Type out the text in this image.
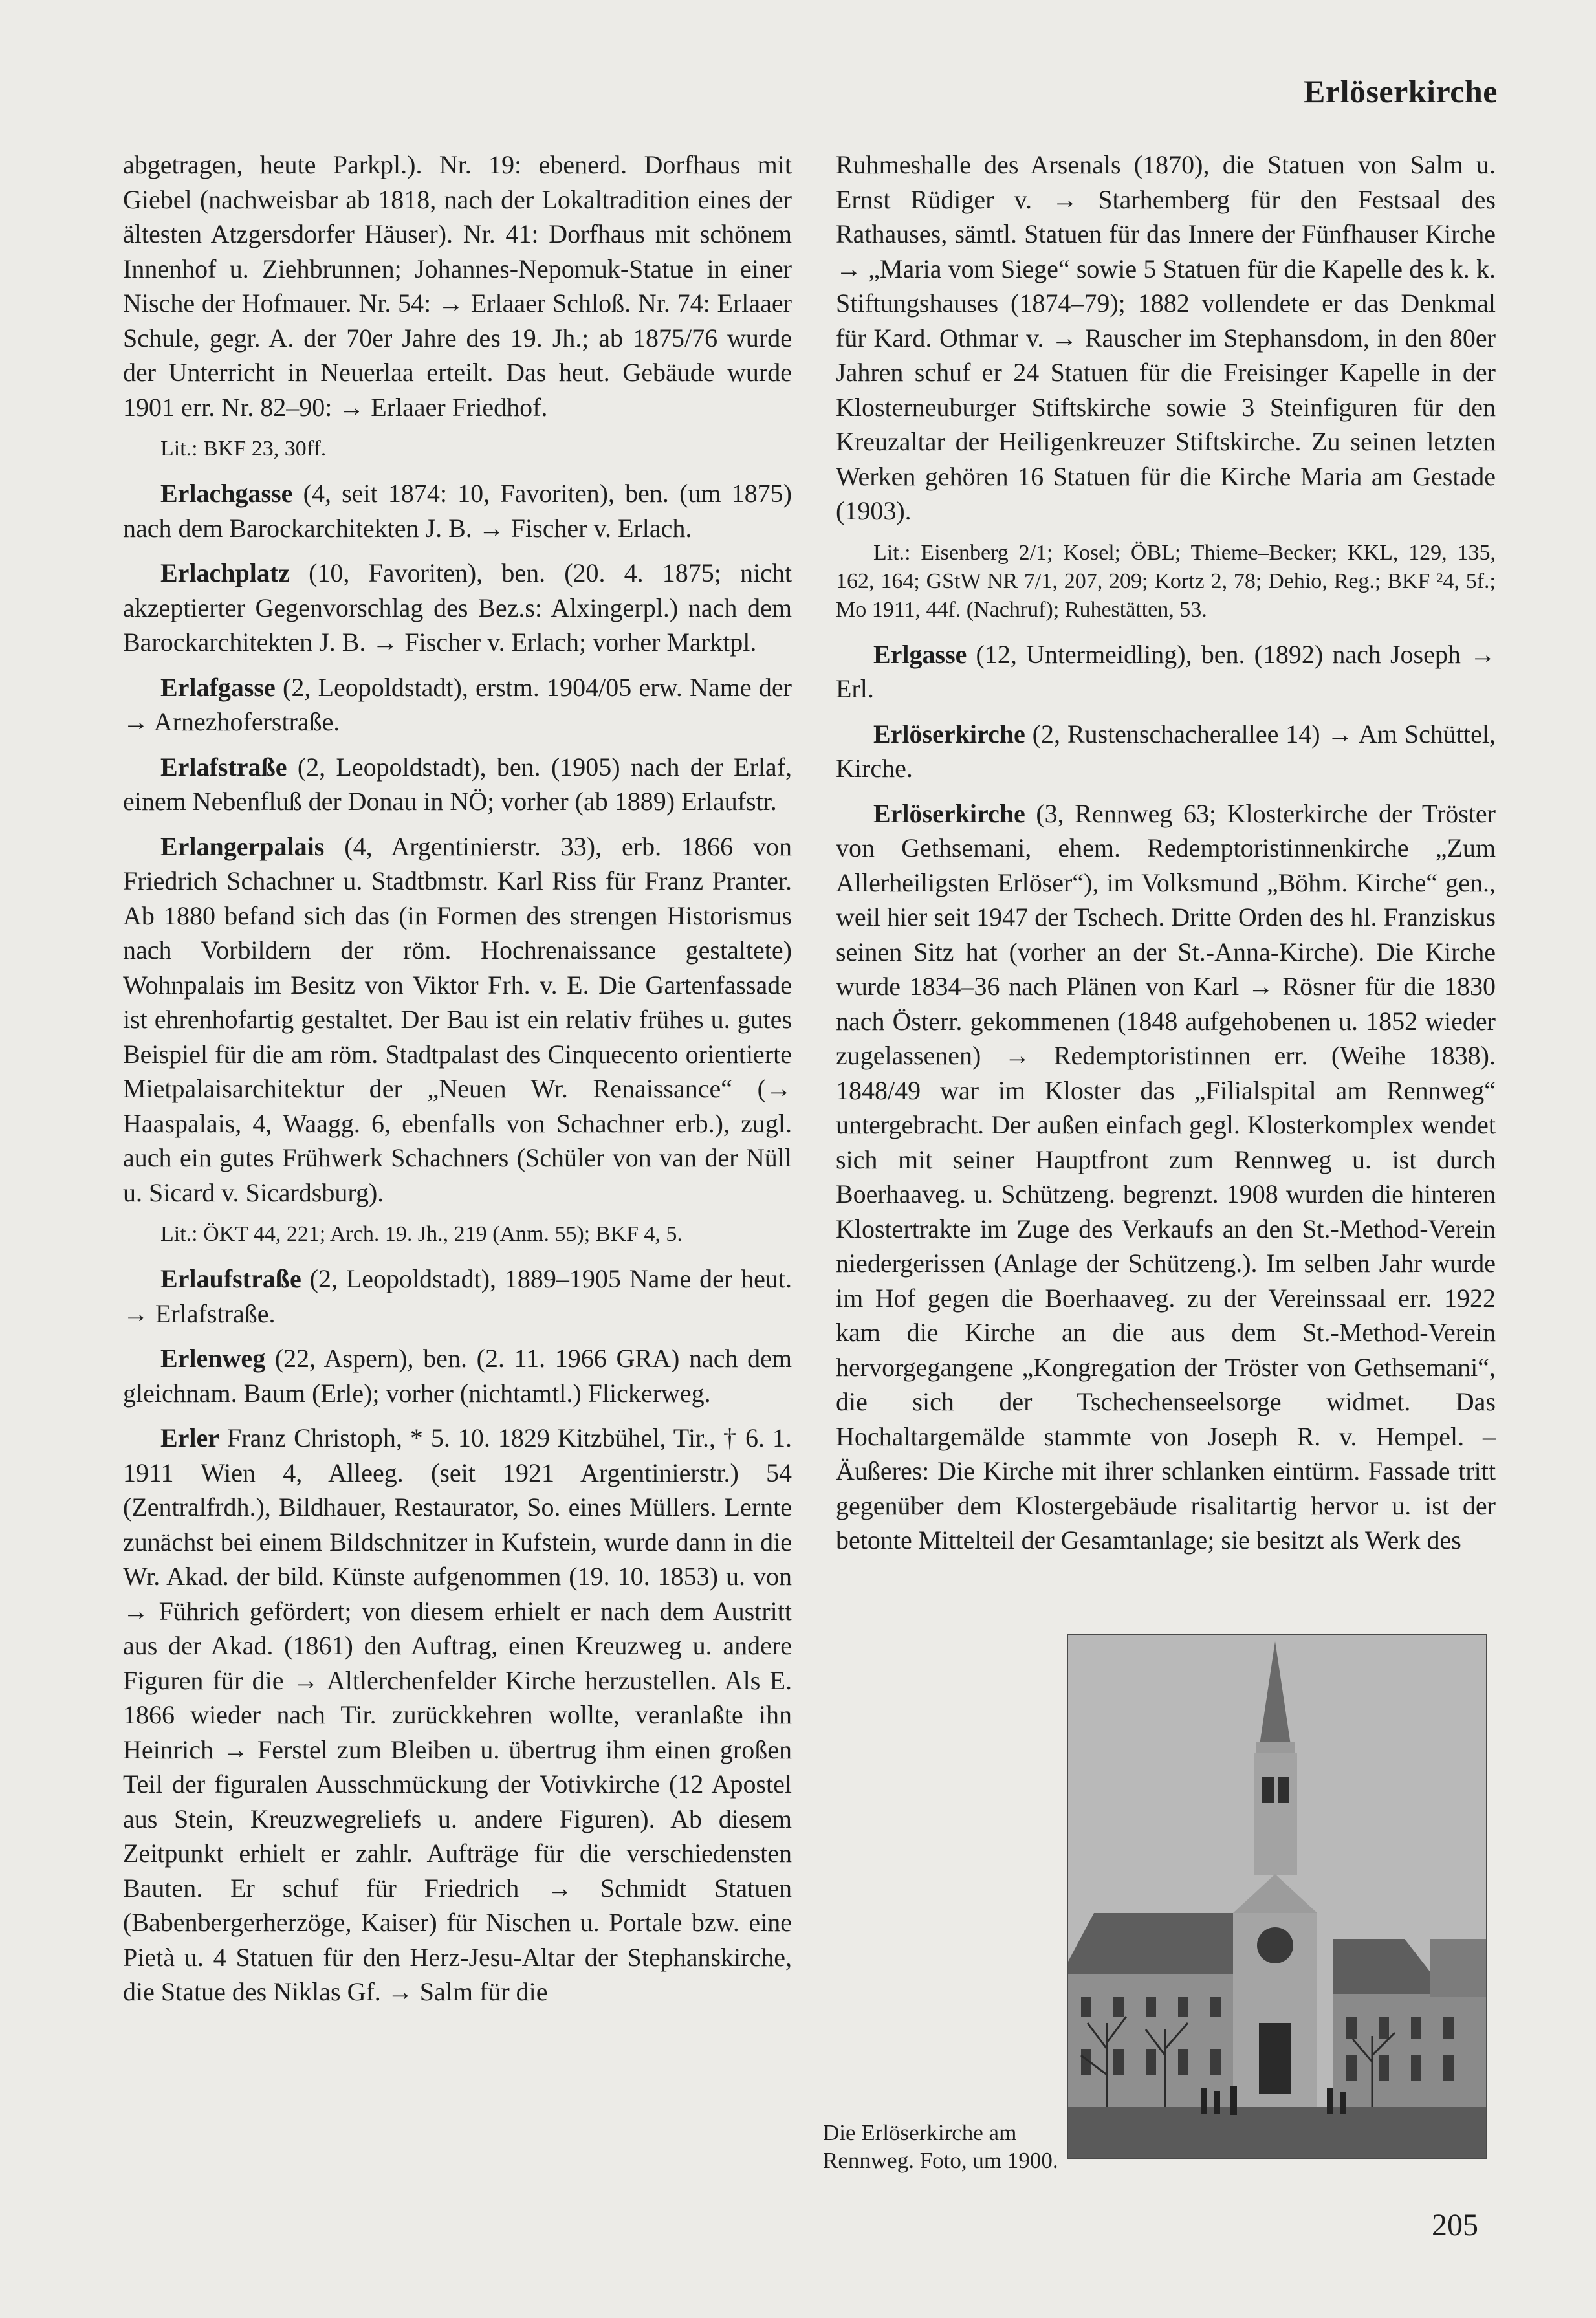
Erlöserkirche

abgetragen, heute Parkpl.). Nr. 19: ebenerd. Dorfhaus mit Giebel (nachweisbar ab 1818, nach der Lokaltradition eines der ältesten Atzgersdorfer Häuser). Nr. 41: Dorfhaus mit schönem Innenhof u. Ziehbrunnen; Johannes-Nepomuk-Statue in einer Nische der Hofmauer. Nr. 54: → Erlaaer Schloß. Nr. 74: Erlaaer Schule, gegr. A. der 70er Jahre des 19. Jh.; ab 1875/76 wurde der Unterricht in Neuerlaa erteilt. Das heut. Gebäude wurde 1901 err. Nr. 82–90: → Erlaaer Friedhof.

Lit.: BKF 23, 30ff.

Erlachgasse (4, seit 1874: 10, Favoriten), ben. (um 1875) nach dem Barockarchitekten J. B. → Fischer v. Erlach.

Erlachplatz (10, Favoriten), ben. (20. 4. 1875; nicht akzeptierter Gegenvorschlag des Bez.s: Alxingerpl.) nach dem Barockarchitekten J. B. → Fischer v. Erlach; vorher Marktpl.

Erlafgasse (2, Leopoldstadt), erstm. 1904/05 erw. Name der → Arnezhoferstraße.

Erlafstraße (2, Leopoldstadt), ben. (1905) nach der Erlaf, einem Nebenfluß der Donau in NÖ; vorher (ab 1889) Erlaufstr.

Erlangerpalais (4, Argentinierstr. 33), erb. 1866 von Friedrich Schachner u. Stadtbmstr. Karl Riss für Franz Pranter. Ab 1880 befand sich das (in Formen des strengen Historismus nach Vorbildern der röm. Hochrenaissance gestaltete) Wohnpalais im Besitz von Viktor Frh. v. E. Die Gartenfassade ist ehrenhofartig gestaltet. Der Bau ist ein relativ frühes u. gutes Beispiel für die am röm. Stadtpalast des Cinquecento orientierte Mietpalaisarchitektur der „Neuen Wr. Renaissance“ (→ Haaspalais, 4, Waagg. 6, ebenfalls von Schachner erb.), zugl. auch ein gutes Frühwerk Schachners (Schüler von van der Nüll u. Sicard v. Sicardsburg).

Lit.: ÖKT 44, 221; Arch. 19. Jh., 219 (Anm. 55); BKF 4, 5.

Erlaufstraße (2, Leopoldstadt), 1889–1905 Name der heut. → Erlafstraße.

Erlenweg (22, Aspern), ben. (2. 11. 1966 GRA) nach dem gleichnam. Baum (Erle); vorher (nichtamtl.) Flickerweg.

Erler Franz Christoph, * 5. 10. 1829 Kitzbühel, Tir., † 6. 1. 1911 Wien 4, Alleeg. (seit 1921 Argentinierstr.) 54 (Zentralfrdh.), Bildhauer, Restaurator, So. eines Müllers. Lernte zunächst bei einem Bildschnitzer in Kufstein, wurde dann in die Wr. Akad. der bild. Künste aufgenommen (19. 10. 1853) u. von → Führich gefördert; von diesem erhielt er nach dem Austritt aus der Akad. (1861) den Auftrag, einen Kreuzweg u. andere Figuren für die → Altlerchenfelder Kirche herzustellen. Als E. 1866 wieder nach Tir. zurückkehren wollte, veranlaßte ihn Heinrich → Ferstel zum Bleiben u. übertrug ihm einen großen Teil der figuralen Ausschmückung der Votivkirche (12 Apostel aus Stein, Kreuzwegreliefs u. andere Figuren). Ab diesem Zeitpunkt erhielt er zahlr. Aufträge für die verschiedensten Bauten. Er schuf für Friedrich → Schmidt Statuen (Babenbergerherzöge, Kaiser) für Nischen u. Portale bzw. eine Pietà u. 4 Statuen für den Herz-Jesu-Altar der Stephanskirche, die Statue des Niklas Gf. → Salm für die

Ruhmeshalle des Arsenals (1870), die Statuen von Salm u. Ernst Rüdiger v. → Starhemberg für den Festsaal des Rathauses, sämtl. Statuen für das Innere der Fünfhauser Kirche → „Maria vom Siege“ sowie 5 Statuen für die Kapelle des k. k. Stiftungshauses (1874–79); 1882 vollendete er das Denkmal für Kard. Othmar v. → Rauscher im Stephansdom, in den 80er Jahren schuf er 24 Statuen für die Freisinger Kapelle in der Klosterneuburger Stiftskirche sowie 3 Steinfiguren für den Kreuzaltar der Heiligenkreuzer Stiftskirche. Zu seinen letzten Werken gehören 16 Statuen für die Kirche Maria am Gestade (1903).

Lit.: Eisenberg 2/1; Kosel; ÖBL; Thieme–Becker; KKL, 129, 135, 162, 164; GStW NR 7/1, 207, 209; Kortz 2, 78; Dehio, Reg.; BKF ²4, 5f.; Mo 1911, 44f. (Nachruf); Ruhestätten, 53.

Erlgasse (12, Untermeidling), ben. (1892) nach Joseph → Erl.

Erlöserkirche (2, Rustenschacherallee 14) → Am Schüttel, Kirche.

Erlöserkirche (3, Rennweg 63; Klosterkirche der Tröster von Gethsemani, ehem. Redemptoristinnenkirche „Zum Allerheiligsten Erlöser“), im Volksmund „Böhm. Kirche“ gen., weil hier seit 1947 der Tschech. Dritte Orden des hl. Franziskus seinen Sitz hat (vorher an der St.-Anna-Kirche). Die Kirche wurde 1834–36 nach Plänen von Karl → Rösner für die 1830 nach Österr. gekommenen (1848 aufgehobenen u. 1852 wieder zugelassenen) → Redemptoristinnen err. (Weihe 1838). 1848/49 war im Kloster das „Filialspital am Rennweg“ untergebracht. Der außen einfach gegl. Klosterkomplex wendet sich mit seiner Hauptfront zum Rennweg u. ist durch Boerhaaveg. u. Schützeng. begrenzt. 1908 wurden die hinteren Klostertrakte im Zuge des Verkaufs an den St.-Method-Verein niedergerissen (Anlage der Schützeng.). Im selben Jahr wurde im Hof gegen die Boerhaaveg. zu der Vereinssaal err. 1922 kam die Kirche an die aus dem St.-Method-Verein hervorgegangene „Kongregation der Tröster von Gethsemani“, die sich der Tschechenseelsorge widmet. Das Hochaltargemälde stammte von Joseph R. v. Hempel. – Äußeres: Die Kirche mit ihrer schlanken eintürm. Fassade tritt gegenüber dem Klostergebäude risalitartig hervor u. ist der betonte Mittelteil der Gesamtanlage; sie besitzt als Werk des

Die Erlöserkirche am Rennweg. Foto, um 1900.
205
